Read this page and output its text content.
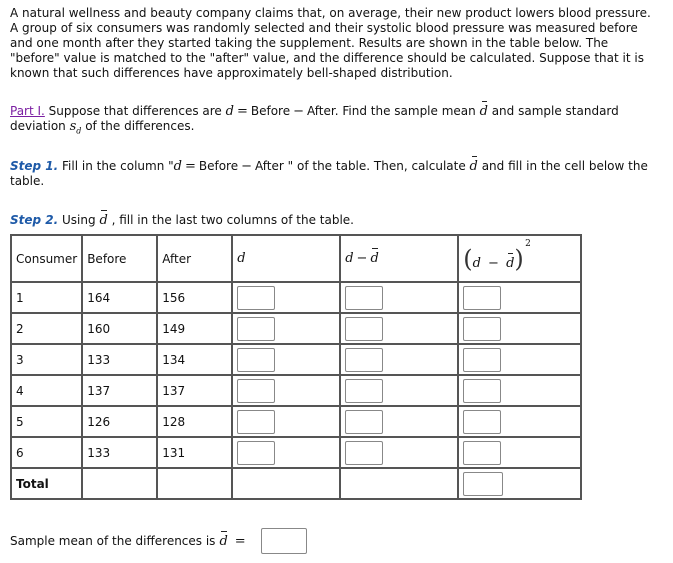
A natural wellness and beauty company claims that, on average, their new product lowers blood pressure. A group of six consumers was randomly selected and their systolic blood pressure was measured before and one month after they started taking the supplement. Results are shown in the table below. The "before" value is matched to the "after" value, and the difference should be calculated. Suppose that it is known that such differences have approximately bell-shaped distribution.
Part I. Suppose that differences are d = Before − After. Find the sample mean d and sample standard deviation $s_d$ of the differences.
Step 1. Fill in the column "d = Before − After " of the table. Then, calculate d and fill in the cell below the table.
Step 2. Using d , fill in the last two columns of the table.
Consumer	Before	After	d	d − d	(d − d)
2

1	164	156			
2	160	149			
3	133	134			
4	137	137			
5	126	128			
6	133	131			
Total					
Sample mean of the differences is d =
